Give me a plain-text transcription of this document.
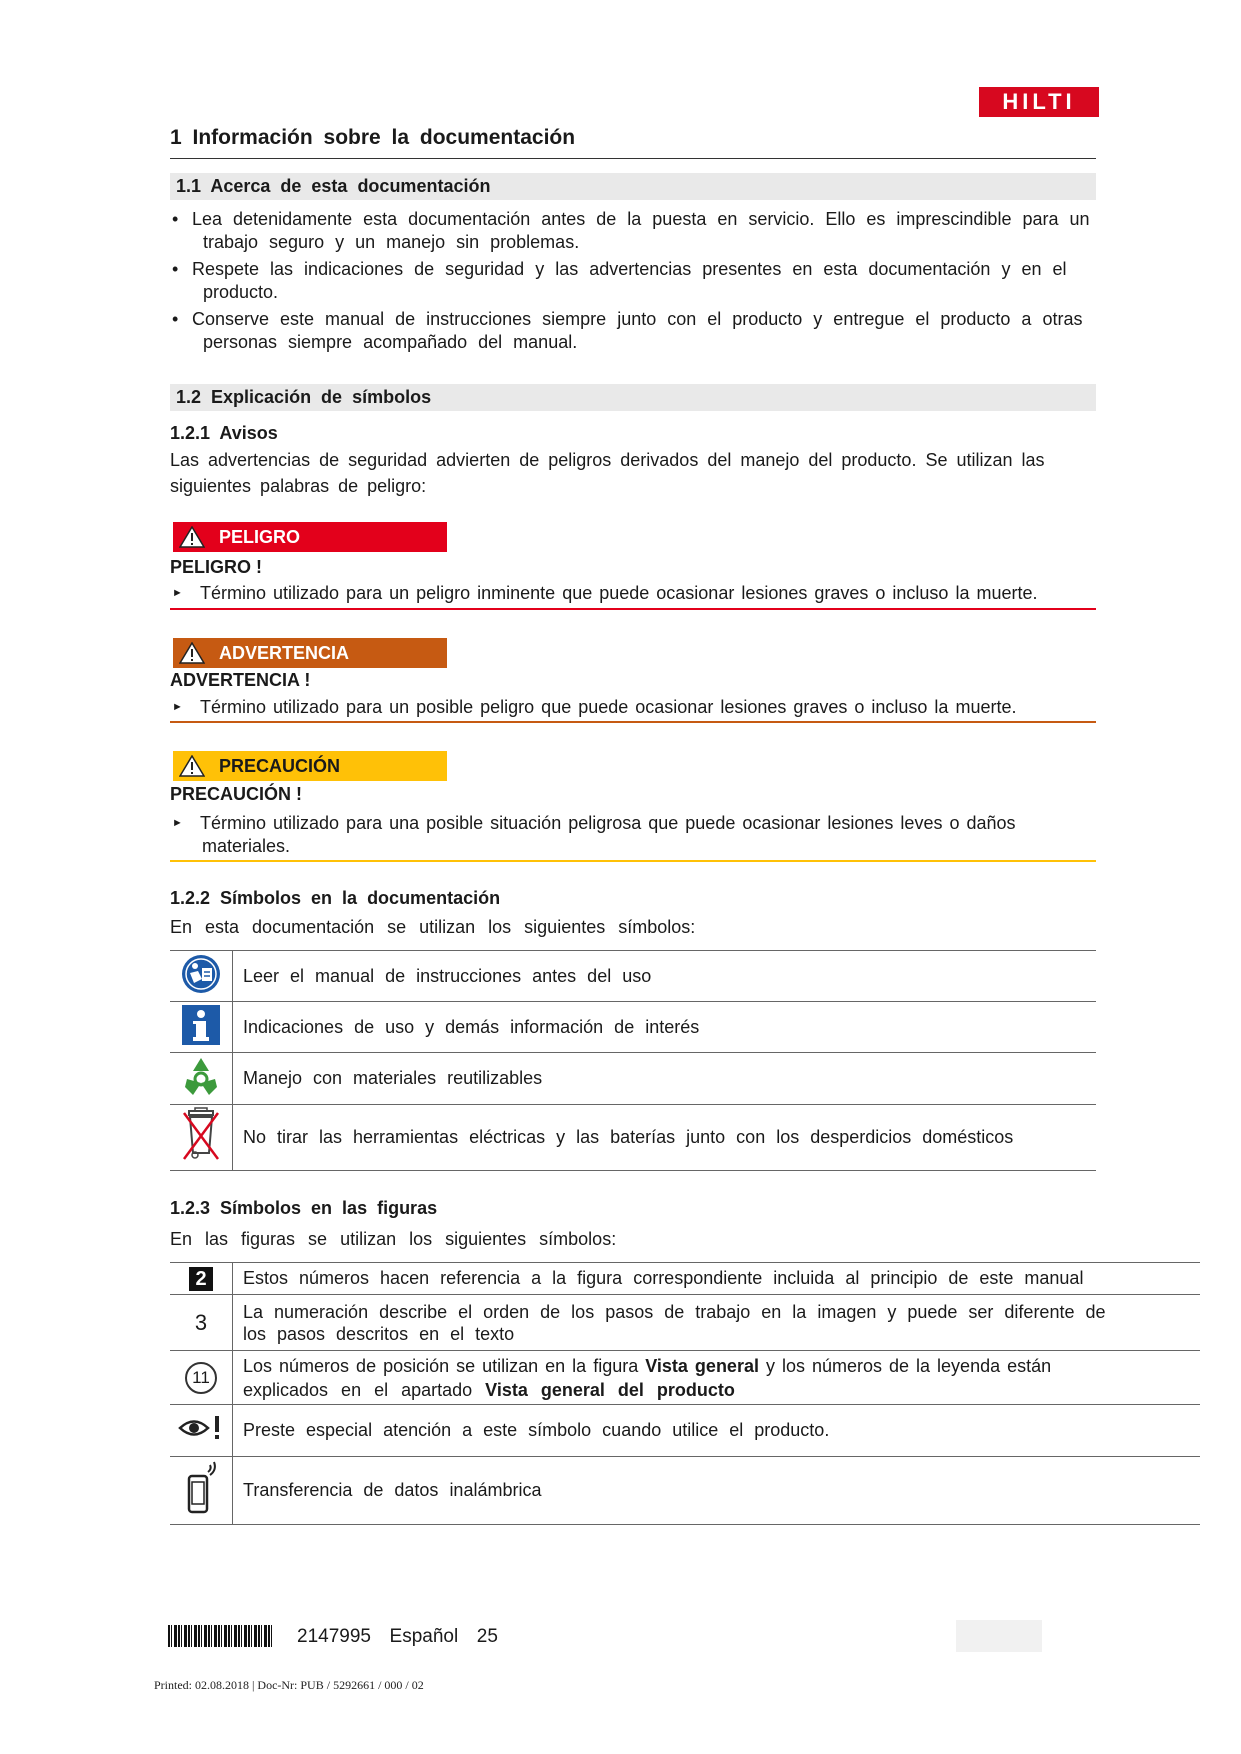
HILTI
1 Información sobre la documentación
1.1 Acerca de esta documentación
• Lea detenidamente esta documentación antes de la puesta en servicio. Ello es imprescindible para un
trabajo seguro y un manejo sin problemas.
• Respete las indicaciones de seguridad y las advertencias presentes en esta documentación y en el
producto.
• Conserve este manual de instrucciones siempre junto con el producto y entregue el producto a otras
personas siempre acompañado del manual.
1.2 Explicación de símbolos
1.2.1 Avisos
Las advertencias de seguridad advierten de peligros derivados del manejo del producto. Se utilizan las
siguientes palabras de peligro:
PELIGRO
PELIGRO !
► Término utilizado para un peligro inminente que puede ocasionar lesiones graves o incluso la muerte.
ADVERTENCIA
ADVERTENCIA !
► Término utilizado para un posible peligro que puede ocasionar lesiones graves o incluso la muerte.
PRECAUCIÓN
PRECAUCIÓN !
► Término utilizado para una posible situación peligrosa que puede ocasionar lesiones leves o daños
materiales.
1.2.2 Símbolos en la documentación
En esta documentación se utilizan los siguientes símbolos:
	Leer el manual de instrucciones antes del uso
	Indicaciones de uso y demás información de interés
	Manejo con materiales reutilizables
	No tirar las herramientas eléctricas y las baterías junto con los desperdicios domésticos
1.2.3 Símbolos en las figuras
En las figuras se utilizan los siguientes símbolos:
2	Estos números hacen referencia a la figura correspondiente incluida al principio de este manual
3	La numeración describe el orden de los pasos de trabajo en la imagen y puede ser diferente de
los pasos descritos en el texto

11	Los números de posición se utilizan en la figura Vista general y los números de la leyenda están
explicados en el apartado Vista general del producto

	Preste especial atención a este símbolo cuando utilice el producto.
	Transferencia de datos inalámbrica
2147995 Español 25
Printed: 02.08.2018 | Doc-Nr: PUB / 5292661 / 000 / 02
